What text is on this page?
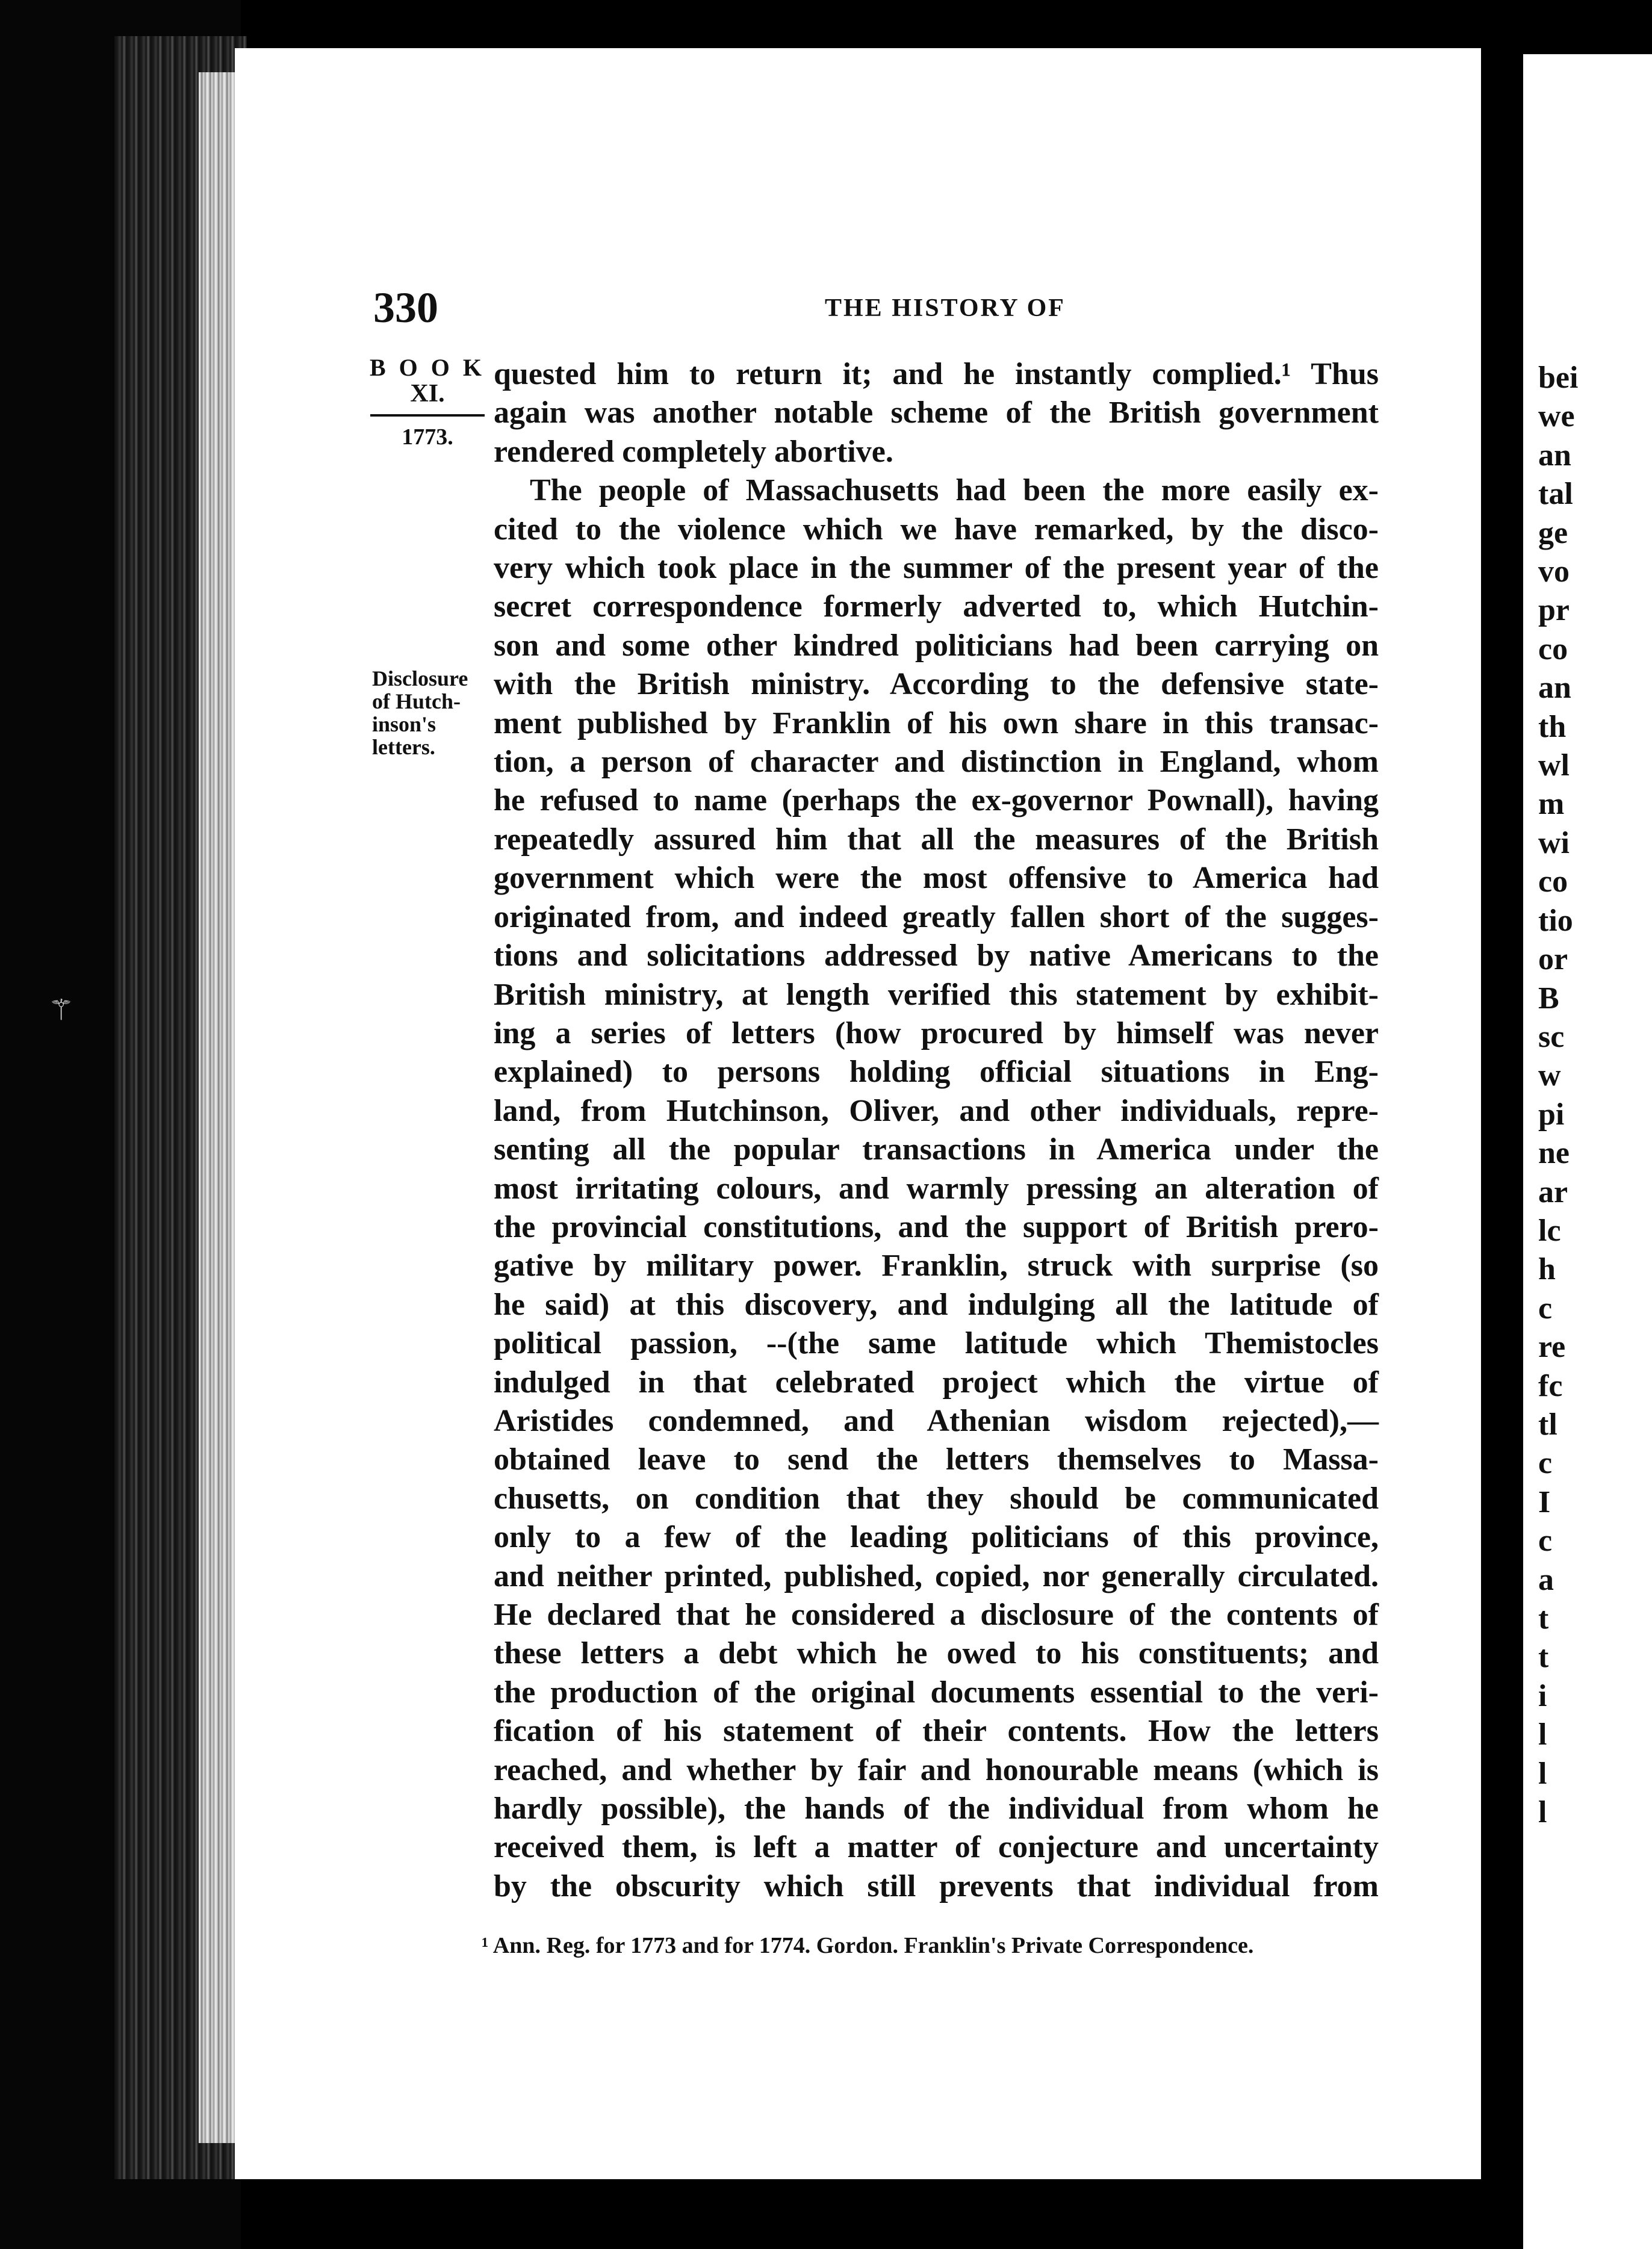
⚚
330	THE HISTORY OF
B O O K
XI.
1773.
Disclosure
of Hutch-
inson's
letters.
quested him to return it; and he instantly complied.¹ Thus
again was another notable scheme of the British government
rendered completely abortive.
The people of Massachusetts had been the more easily ex-
cited to the violence which we have remarked, by the disco-
very which took place in the summer of the present year of the
secret correspondence formerly adverted to, which Hutchin-
son and some other kindred politicians had been carrying on
with the British ministry. According to the defensive state-
ment published by Franklin of his own share in this transac-
tion, a person of character and distinction in England, whom
he refused to name (perhaps the ex-governor Pownall), having
repeatedly assured him that all the measures of the British
government which were the most offensive to America had
originated from, and indeed greatly fallen short of the sugges-
tions and solicitations addressed by native Americans to the
British ministry, at length verified this statement by exhibit-
ing a series of letters (how procured by himself was never
explained) to persons holding official situations in Eng-
land, from Hutchinson, Oliver, and other individuals, repre-
senting all the popular transactions in America under the
most irritating colours, and warmly pressing an alteration of
the provincial constitutions, and the support of British prero-
gative by military power. Franklin, struck with surprise (so
he said) at this discovery, and indulging all the latitude of
political passion, --(the same latitude which Themistocles
indulged in that celebrated project which the virtue of
Aristides condemned, and Athenian wisdom rejected),—
obtained leave to send the letters themselves to Massa-
chusetts, on condition that they should be communicated
only to a few of the leading politicians of this province,
and neither printed, published, copied, nor generally circulated.
He declared that he considered a disclosure of the contents of
these letters a debt which he owed to his constituents; and
the production of the original documents essential to the veri-
fication of his statement of their contents. How the letters
reached, and whether by fair and honourable means (which is
hardly possible), the hands of the individual from whom he
received them, is left a matter of conjecture and uncertainty
by the obscurity which still prevents that individual from
¹ Ann. Reg. for 1773 and for 1774. Gordon. Franklin's Private Correspondence.
bei
we
an
tal
ge
vo
pr
co
an
th
wl
m
wi
co
tio
or
B
sc
w
pi
ne
ar
lc
h
c
re
fc
tl
c
I
c
a
t
t
i
l
l
l
